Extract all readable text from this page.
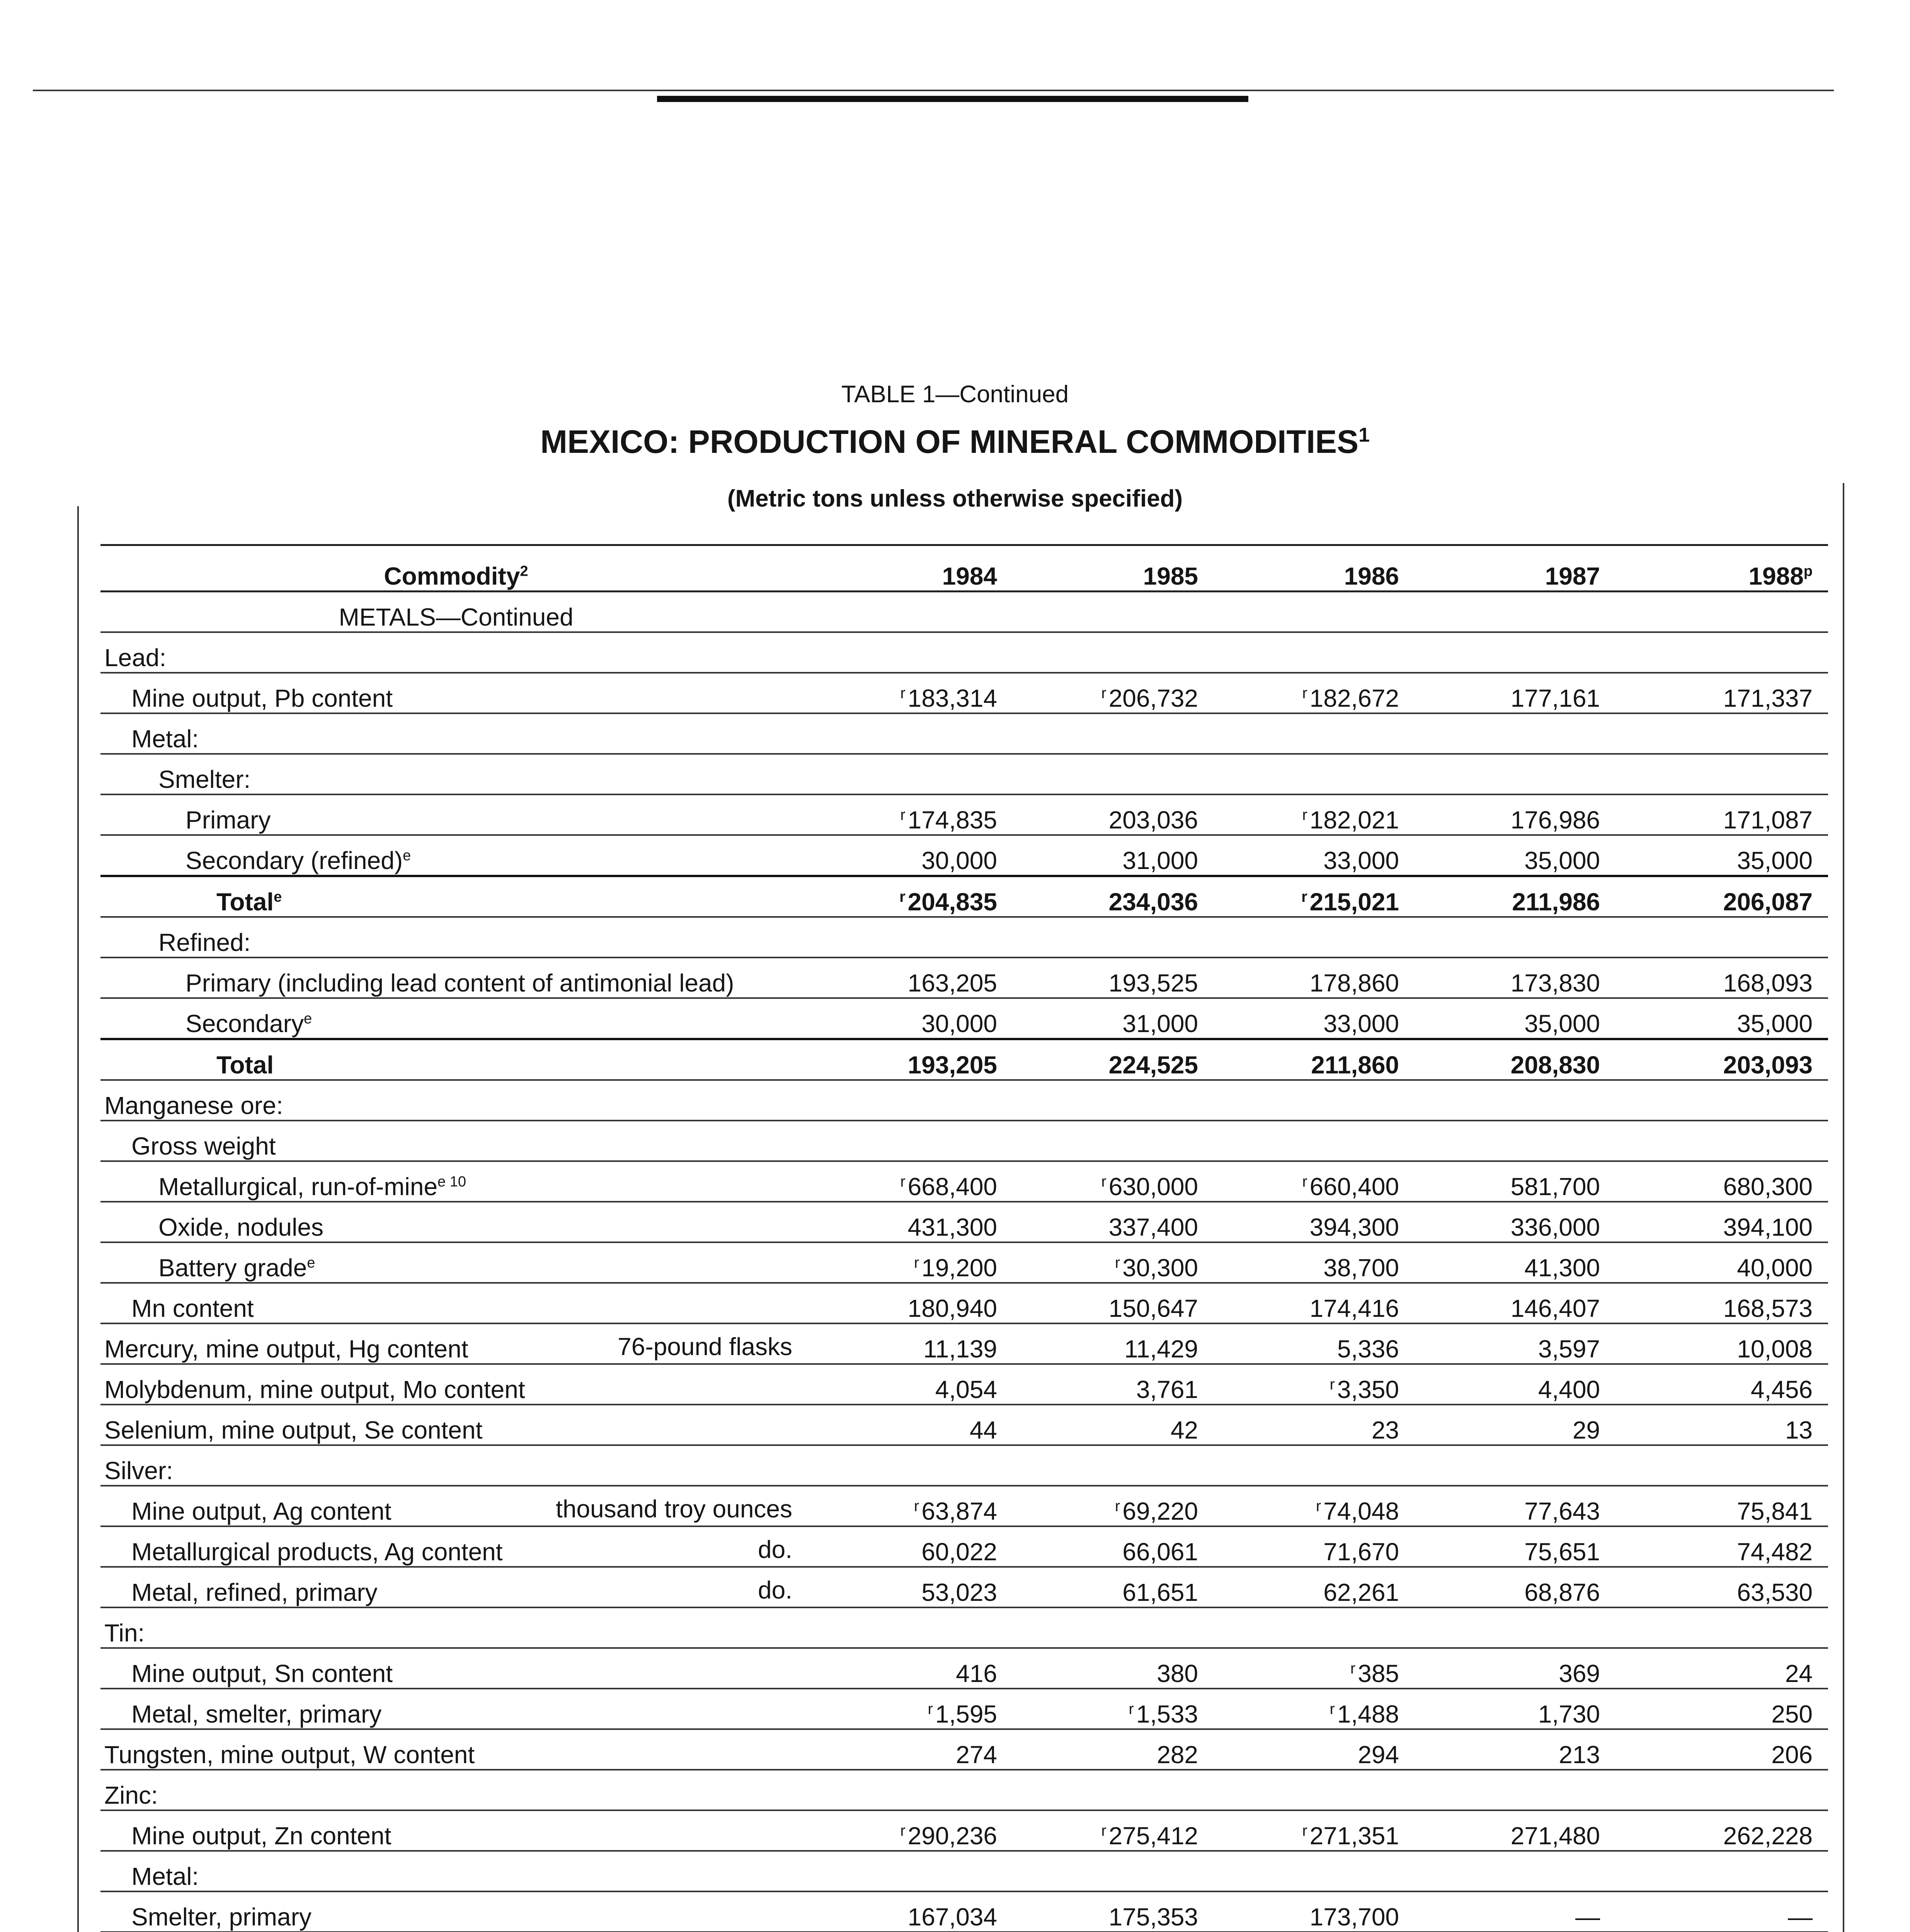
TABLE 1—Continued
MEXICO: PRODUCTION OF MINERAL COMMODITIES$^1$
(Metric tons unless otherwise specified)
Commodity$^2$	1984	1985	1986	1987	1988$^p$
METALS—Continued					
Lead:					
Mine output, Pb content	$^r$183,314	$^r$206,732	$^r$182,672	177,161	171,337
Metal:					
Smelter:					
Primary	$^r$174,835	203,036	$^r$182,021	176,986	171,087
Secondary (refined)$^e$	30,000	31,000	33,000	35,000	35,000
Total$^e$	$^r$204,835	234,036	$^r$215,021	211,986	206,087
Refined:					
Primary (including lead content of antimonial lead)	163,205	193,525	178,860	173,830	168,093
Secondary$^e$	30,000	31,000	33,000	35,000	35,000
Total	193,205	224,525	211,860	208,830	203,093
Manganese ore:					
Gross weight					
Metallurgical, run-of-mine$^{e 10}$	$^r$668,400	$^r$630,000	$^r$660,400	581,700	680,300
Oxide, nodules	431,300	337,400	394,300	336,000	394,100
Battery grade$^e$	$^r$19,200	$^r$30,300	38,700	41,300	40,000
Mn content	180,940	150,647	174,416	146,407	168,573
Mercury, mine output, Hg content 76-pound flasks	11,139	11,429	5,336	3,597	10,008
Molybdenum, mine output, Mo content	4,054	3,761	$^r$3,350	4,400	4,456
Selenium, mine output, Se content	44	42	23	29	13
Silver:					
Mine output, Ag content thousand troy ounces	$^r$63,874	$^r$69,220	$^r$74,048	77,643	75,841
Metallurgical products, Ag content do.	60,022	66,061	71,670	75,651	74,482
Metal, refined, primary do.	53,023	61,651	62,261	68,876	63,530
Tin:					
Mine output, Sn content	416	380	$^r$385	369	24
Metal, smelter, primary	$^r$1,595	$^r$1,533	$^r$1,488	1,730	250
Tungsten, mine output, W content	274	282	294	213	206
Zinc:					
Mine output, Zn content	$^r$290,236	$^r$275,412	$^r$271,351	271,480	262,228
Metal:					
Smelter, primary	167,034	175,353	173,700	—	—
